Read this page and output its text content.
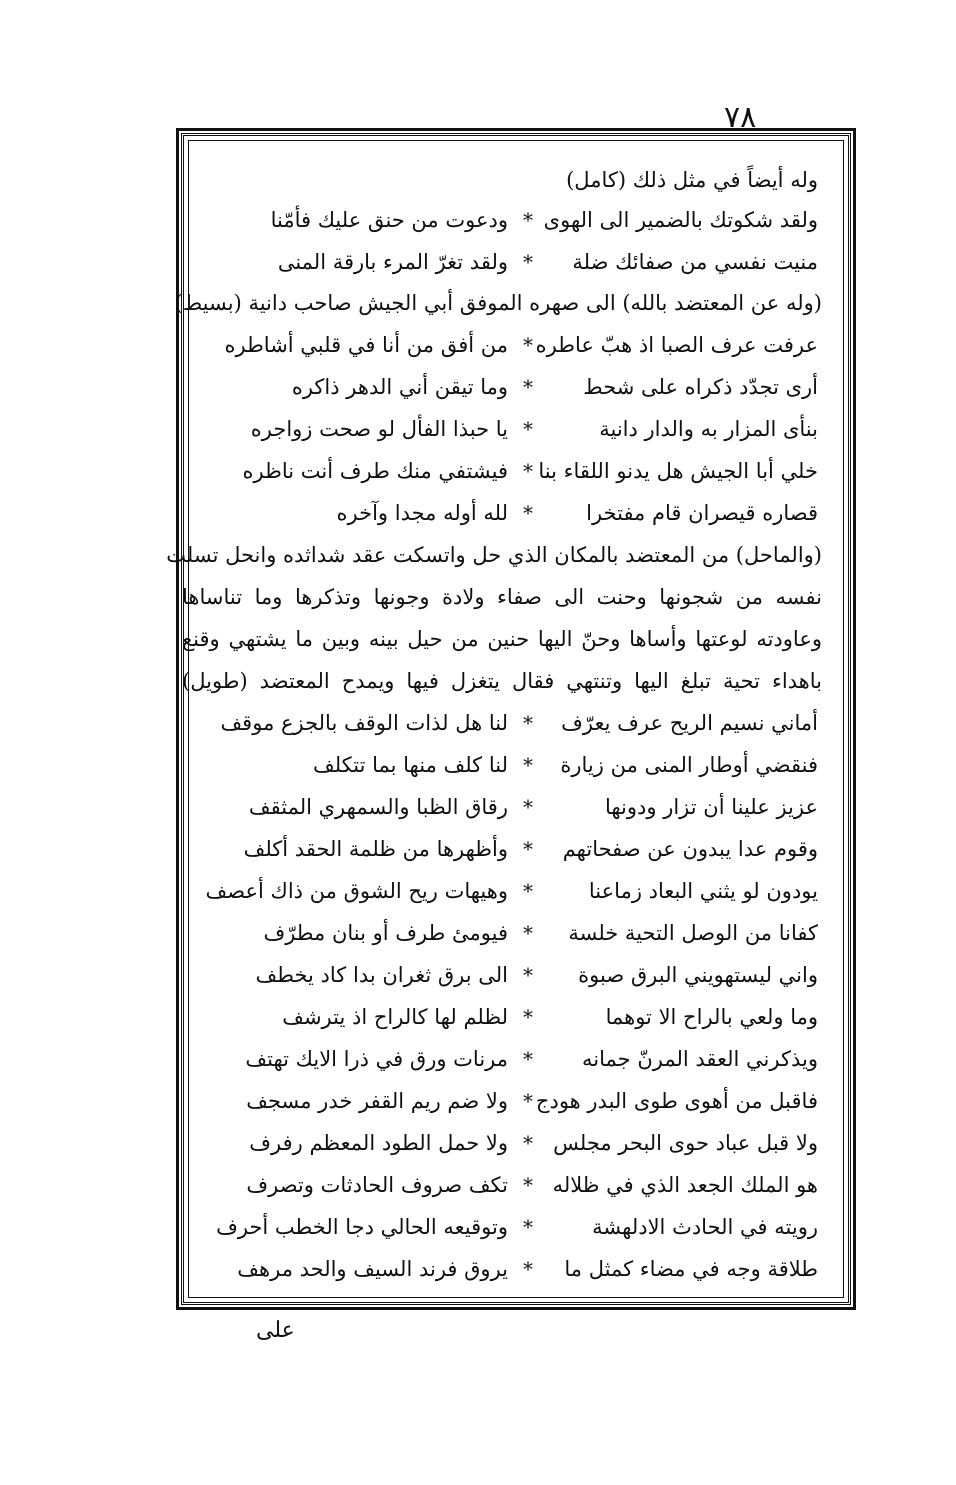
٧٨
وله أيضاً في مثل ذلك (كامل)
ولقد شكوتك بالضمير الى الهوى
*
ودعوت من حنق عليك فأمّنا
منيت نفسي من صفائك ضلة
*
ولقد تغرّ المرء بارقة المنى
(وله عن المعتضد بالله) الى صهره الموفق أبي الجيش صاحب دانية (بسيط)
عرفت عرف الصبا اذ هبّ عاطره
*
من أفق من أنا في قلبي أشاطره
أرى تجدّد ذكراه على شحط
*
وما تيقن أني الدهر ذاكره
بنأى المزار به والدار دانية
*
يا حبذا الفأل لو صحت زواجره
خلي أبا الجيش هل يدنو اللقاء بنا
*
فيشتفي منك طرف أنت ناظره
قصاره قيصران قام مفتخرا
*
لله أوله مجدا وآخره
(والماحل) من المعتضد بالمكان الذي حل واتسكت عقد شداثده وانحل تسلت
نفسه من شجونها وحنت الى صفاء ولادة وجونها وتذكرها وما تناساها
وعاودته لوعتها وأساها وحنّ اليها حنين من حيل بينه وبين ما يشتهي وقنع
باهداء تحية تبلغ اليها وتنتهي فقال يتغزل فيها ويمدح المعتضد (طويل)
أماني نسيم الريح عرف يعرّف
*
لنا هل لذات الوقف بالجزع موقف
فنقضي أوطار المنى من زيارة
*
لنا كلف منها بما تتكلف
عزيز علينا أن تزار ودونها
*
رقاق الظبا والسمهري المثقف
وقوم عدا يبدون عن صفحاتهم
*
وأظهرها من ظلمة الحقد أكلف
يودون لو يثني البعاد زماعنا
*
وهيهات ريح الشوق من ذاك أعصف
كفانا من الوصل التحية خلسة
*
فيومئ طرف أو بنان مطرّف
واني ليستهويني البرق صبوة
*
الى برق ثغران بدا كاد يخطف
وما ولعي بالراح الا توهما
*
لظلم لها كالراح اذ يترشف
ويذكرني العقد المرنّ جمانه
*
مرنات ورق في ذرا الايك تهتف
فاقبل من أهوى طوى البدر هودج
*
ولا ضم ريم القفر خدر مسجف
ولا قبل عباد حوى البحر مجلس
*
ولا حمل الطود المعظم رفرف
هو الملك الجعد الذي في ظلاله
*
تكف صروف الحادثات وتصرف
رويته في الحادث الادلهشة
*
وتوقيعه الحالي دجا الخطب أحرف
طلاقة وجه في مضاء كمثل ما
*
يروق فرند السيف والحد مرهف
على
